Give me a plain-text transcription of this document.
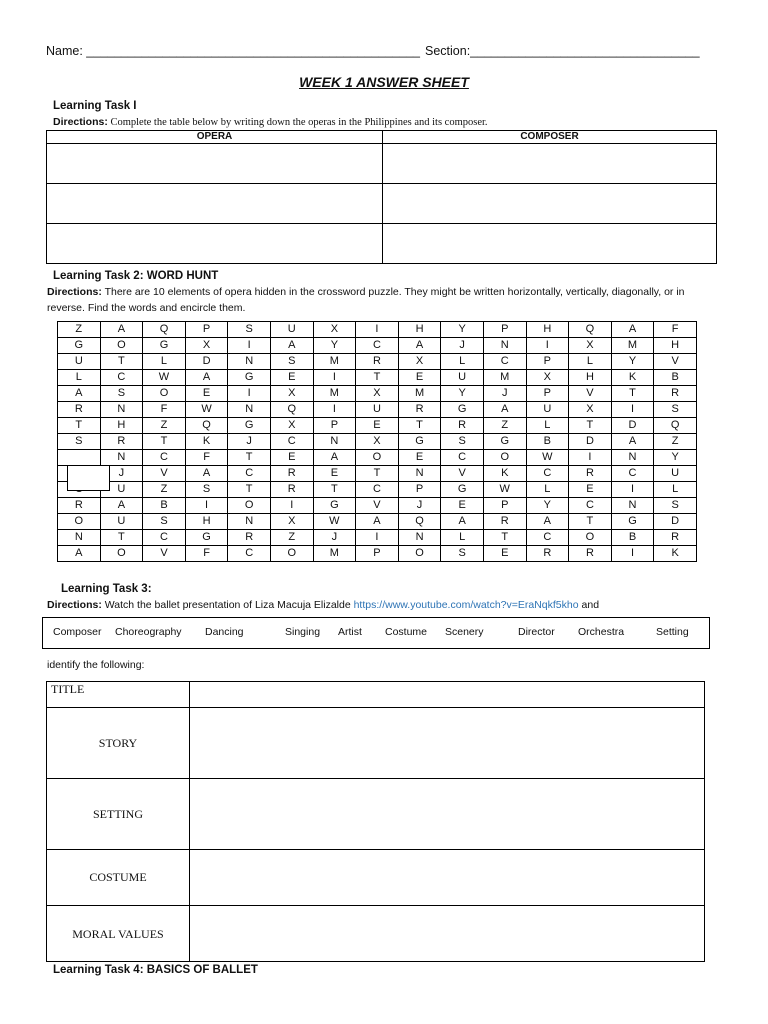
Name: ________________________________________________ Section:_________________________________
WEEK 1 ANSWER SHEET
Learning Task I
Directions: Complete the table below by writing down the operas in the Philippines and its composer.
OPERA	COMPOSER

Learning Task 2: WORD HUNT
Directions: There are 10 elements of opera hidden in the crossword puzzle. They might be written horizontally, vertically, diagonally, or in reverse. Find the words and encircle them.
Z	A	Q	P	S	U	X	I	H	Y	P	H	Q	A	F
G	O	G	X	I	A	Y	C	A	J	N	I	X	M	H
U	T	L	D	N	S	M	R	X	L	C	P	L	Y	V
L	C	W	A	G	E	I	T	E	U	M	X	H	K	B
A	S	O	E	I	X	M	X	M	Y	J	P	V	T	R
R	N	F	W	N	Q	I	U	R	G	A	U	X	I	S
T	H	Z	Q	G	X	P	E	T	R	Z	L	T	D	Q
S	R	T	K	J	C	N	X	G	S	G	B	D	A	Z
	N	C	F	T	E	A	O	E	C	O	W	I	N	Y
	J	V	A	C	R	E	T	N	V	K	C	R	C	U
	U	Z	S	T	R	T	C	P	G	W	L	E	I	L
R	A	B	I	O	I	G	V	J	E	P	Y	C	N	S
O	U	S	H	N	X	W	A	Q	A	R	A	T	G	D
N	T	C	G	R	Z	J	I	N	L	T	C	O	B	R
A	O	V	F	C	O	M	P	O	S	E	R	R	I	K
Learning Task 3:
Directions: Watch the ballet presentation of Liza Macuja Elizalde https://www.youtube.com/watch?v=EraNqkf5kho and
Composer Choreography Dancing	Singing Artist Costume Scenery	Director Orchestra	Setting
identify the following:
TITLE	
STORY	
SETTING	
COSTUME	
MORAL VALUES	
Learning Task 4: BASICS OF BALLET
